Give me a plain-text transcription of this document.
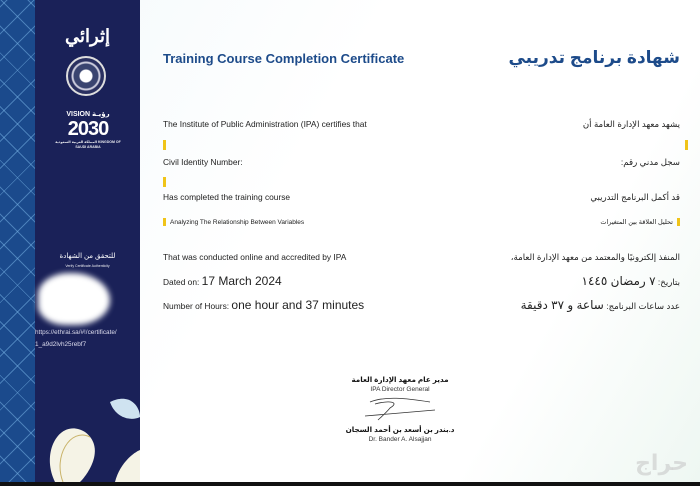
إثرائي
VISION رؤيـة
2030
المملكة العربية السعودية KINGDOM OF SAUDI ARABIA
للتحقق من الشهادة
Verify Certificate Authenticity
https://ethrai.sa/#!/certificate/
1_a9d2lvh25rebf7
Training Course Completion Certificate	شهادة برنامج تدريبي
The Institute of Public Administration (IPA) certifies that	يشهد معهد الإدارة العامة أن
Civil Identity Number:	سجل مدني رقم:
Has completed the training course	قد أكمل البرنامج التدريبي
Analyzing The Relationship Between Variables	تحليل العلاقة بين المتغيرات
That was conducted online and accredited by IPA	المنفذ إلكترونيًا والمعتمد من معهد الإدارة العامة،
Dated on: 17 March 2024	بتاريخ: ٧ رمضان ١٤٤٥
Number of Hours: one hour and 37 minutes	عدد ساعات البرنامج: ساعة و ٣٧ دقيقة
مدير عام معهد الإدارة العامة
IPA Director General
د.بندر بن أسعد بن أحمد السجان
Dr. Bander A. Alsajjan
حراج
